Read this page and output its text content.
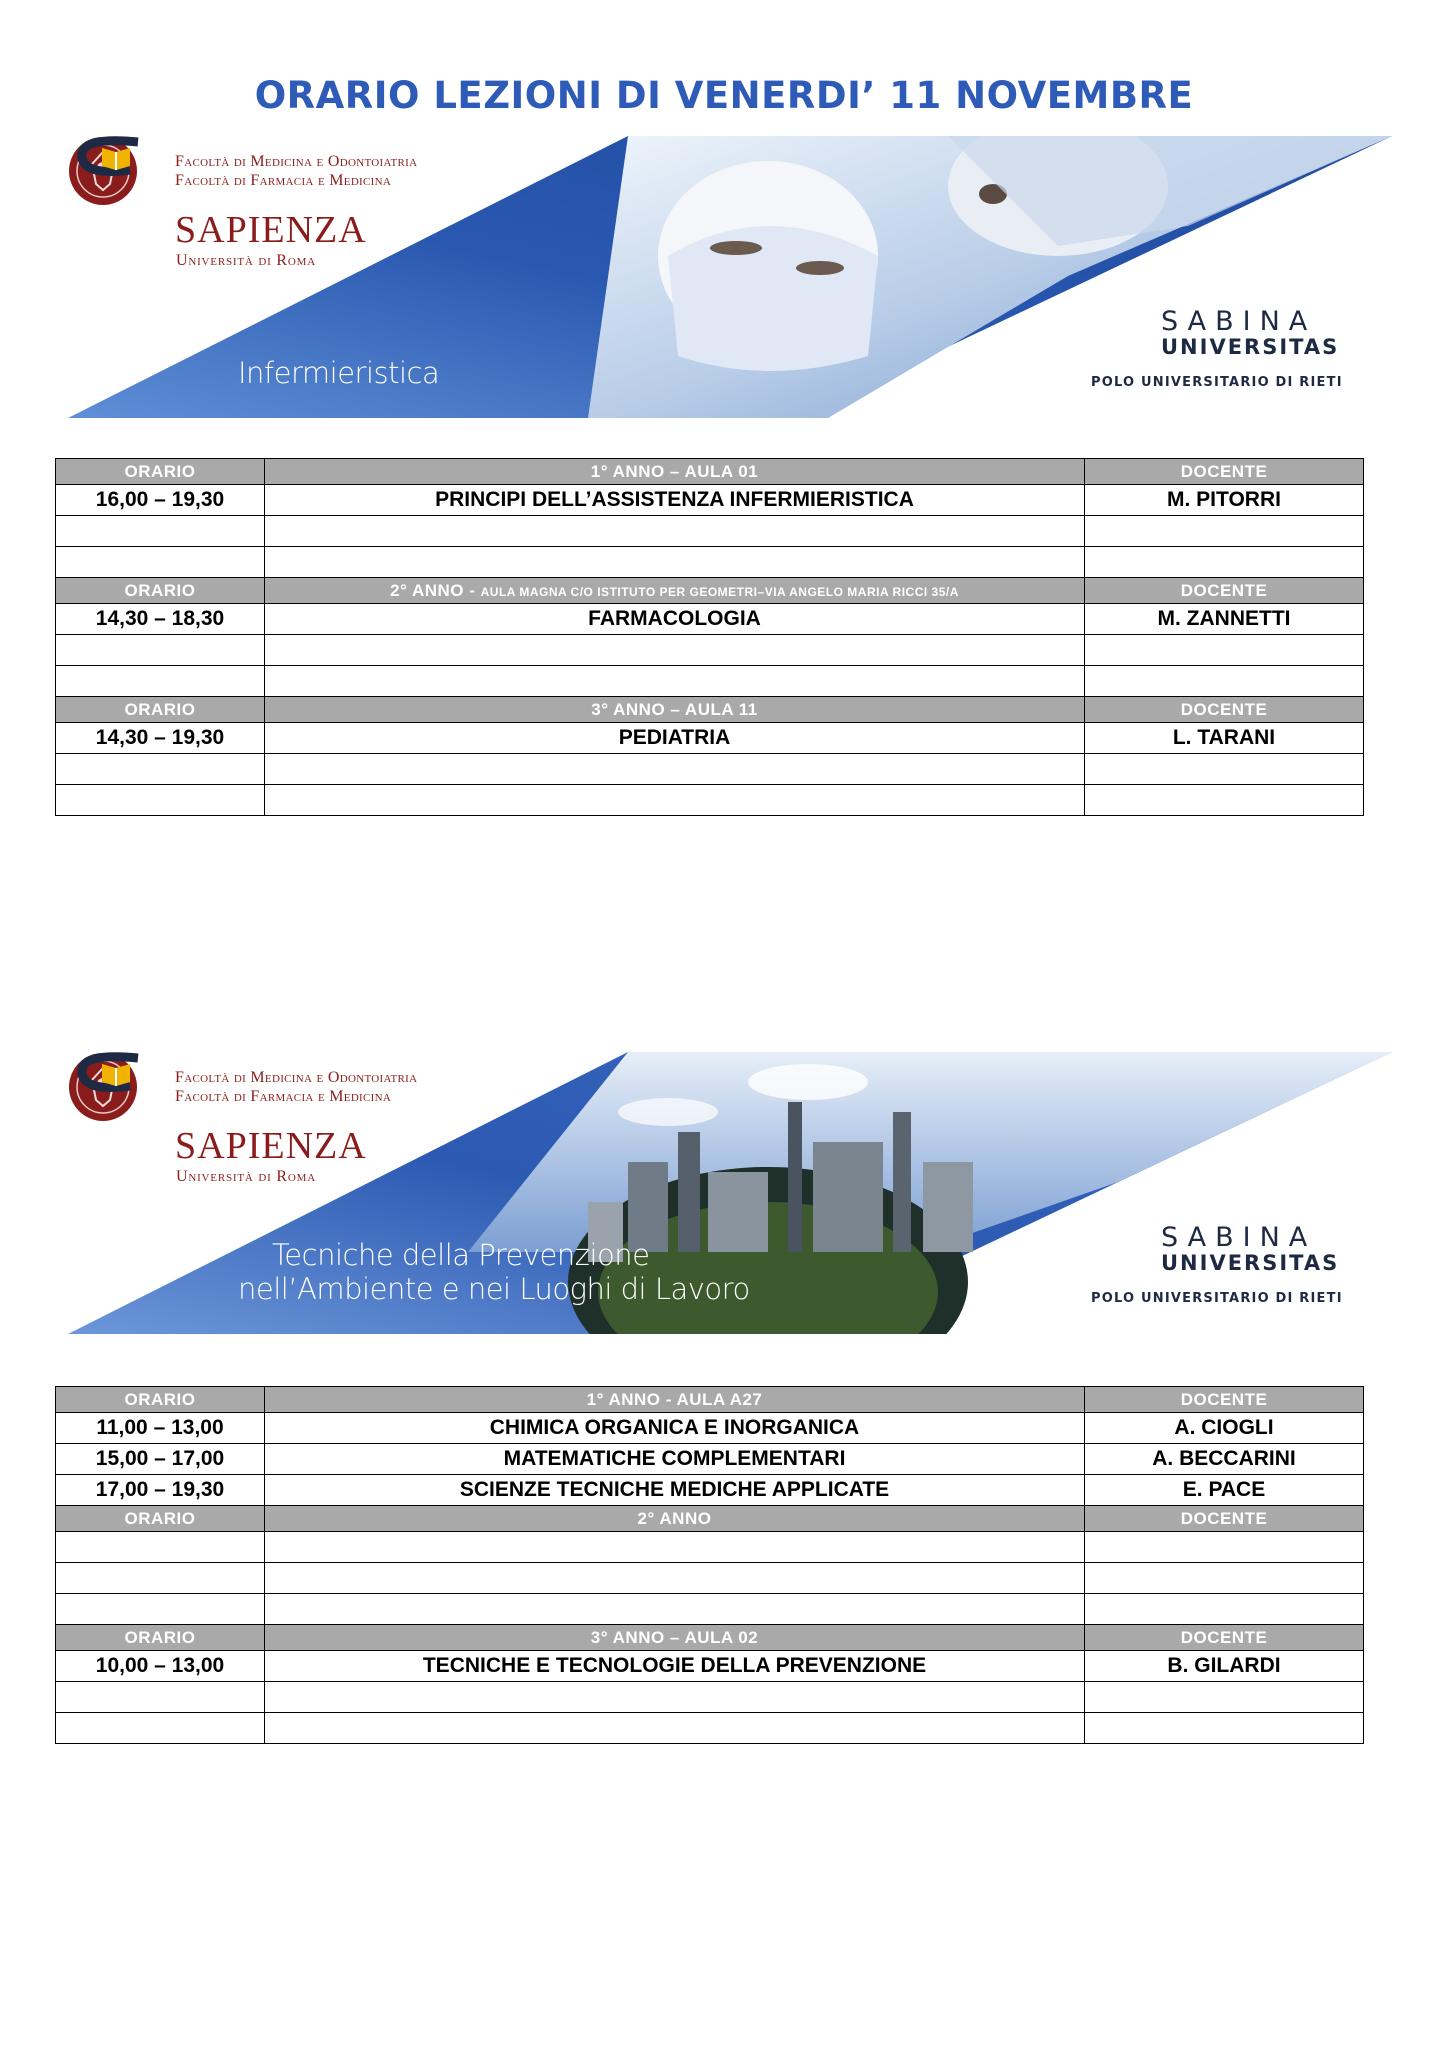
ORARIO LEZIONI DI VENERDI’ 11 NOVEMBRE
Facoltà di Medicina e Odontoiatria
Facoltà di Farmacia e Medicina
SAPIENZA
Università di Roma
Infermieristica
SABINA
UNIVERSITAS
POLO UNIVERSITARIO DI RIETI
ORARIO	1° ANNO – AULA 01	DOCENTE
16,00 – 19,30	PRINCIPI DELL’ASSISTENZA INFERMIERISTICA	M. PITORRI

ORARIO	2° ANNO - AULA MAGNA C/O ISTITUTO PER GEOMETRI–VIA ANGELO MARIA RICCI 35/A	DOCENTE
14,30 – 18,30	FARMACOLOGIA	M. ZANNETTI

ORARIO	3° ANNO – AULA 11	DOCENTE
14,30 – 19,30	PEDIATRIA	L. TARANI

Facoltà di Medicina e Odontoiatria
Facoltà di Farmacia e Medicina
SAPIENZA
Università di Roma
Tecniche della Prevenzione
nell’Ambiente e nei Luoghi di Lavoro
SABINA
UNIVERSITAS
POLO UNIVERSITARIO DI RIETI
ORARIO	1° ANNO - AULA A27	DOCENTE
11,00 – 13,00	CHIMICA ORGANICA E INORGANICA	A. CIOGLI
15,00 – 17,00	MATEMATICHE COMPLEMENTARI	A. BECCARINI
17,00 – 19,30	SCIENZE TECNICHE MEDICHE APPLICATE	E. PACE
ORARIO	2° ANNO	DOCENTE

ORARIO	3° ANNO – AULA 02	DOCENTE
10,00 – 13,00	TECNICHE E TECNOLOGIE DELLA PREVENZIONE	B. GILARDI
